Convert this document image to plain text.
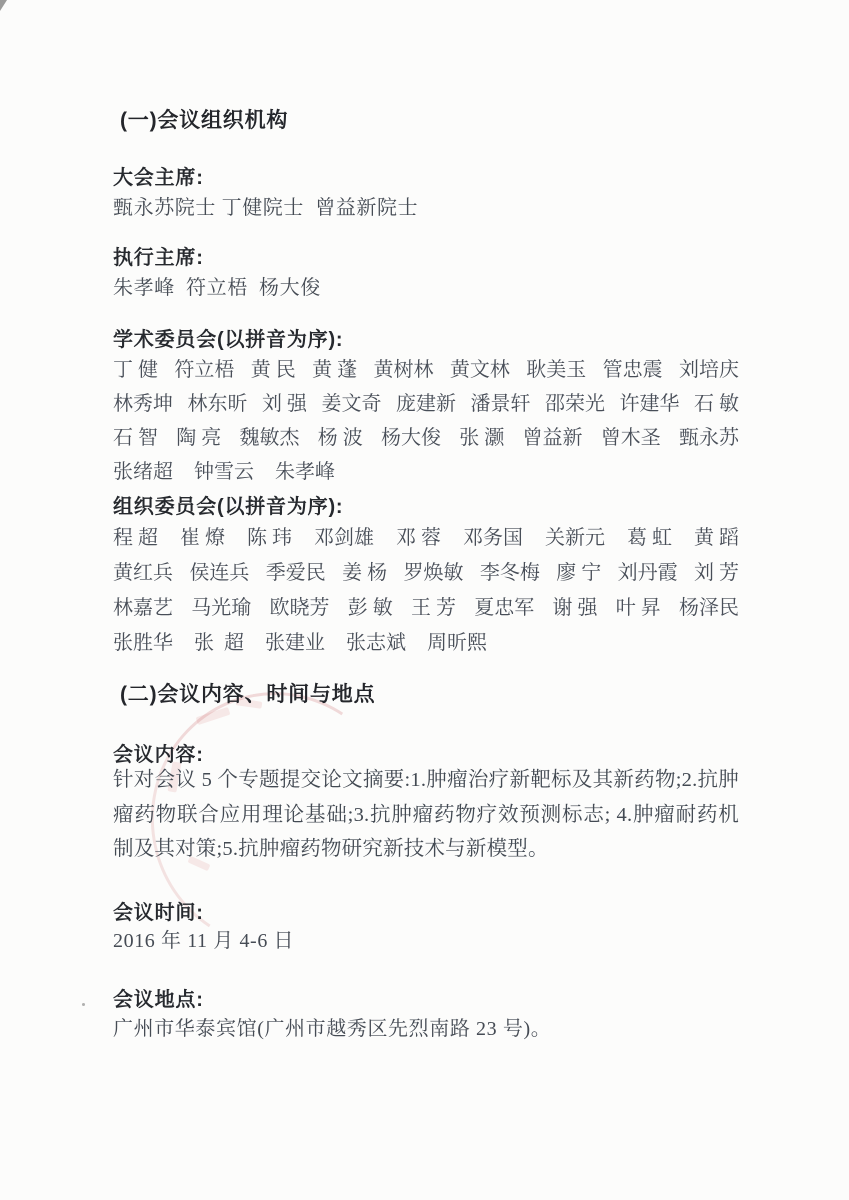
(一)会议组织机构
大会主席:
甄永苏院士 丁健院士  曾益新院士
执行主席:
朱孝峰  符立梧  杨大俊
学术委员会(以拼音为序):
丁 健 符立梧 黄 民 黄 蓬 黄树林 黄文林 耿美玉 管忠震 刘培庆
林秀坤 林东昕 刘 强 姜文奇 庞建新 潘景轩 邵荣光 许建华 石 敏
石 智 陶 亮 魏敏杰 杨 波 杨大俊 张 灏 曾益新 曾木圣 甄永苏
张绪超 钟雪云 朱孝峰
组织委员会(以拼音为序):
程 超 崔 燎 陈 玮 邓剑雄 邓 蓉 邓务国 关新元 葛 虹 黄 蹈
黄红兵 侯连兵 季爱民 姜 杨 罗焕敏 李冬梅 廖 宁 刘丹霞 刘 芳
林嘉艺 马光瑜 欧晓芳 彭 敏 王 芳 夏忠军 谢 强 叶 昇 杨泽民
张胜华 张  超 张建业 张志斌 周昕熙
(二)会议内容、时间与地点
会议内容:
针对会议 5 个专题提交论文摘要:1.肿瘤治疗新靶标及其新药物;2.抗肿瘤药物联合应用理论基础;3.抗肿瘤药物疗效预测标志; 4.肿瘤耐药机制及其对策;5.抗肿瘤药物研究新技术与新模型。
会议时间:
2016 年 11 月 4-6 日
会议地点:
广州市华泰宾馆(广州市越秀区先烈南路 23 号)。
